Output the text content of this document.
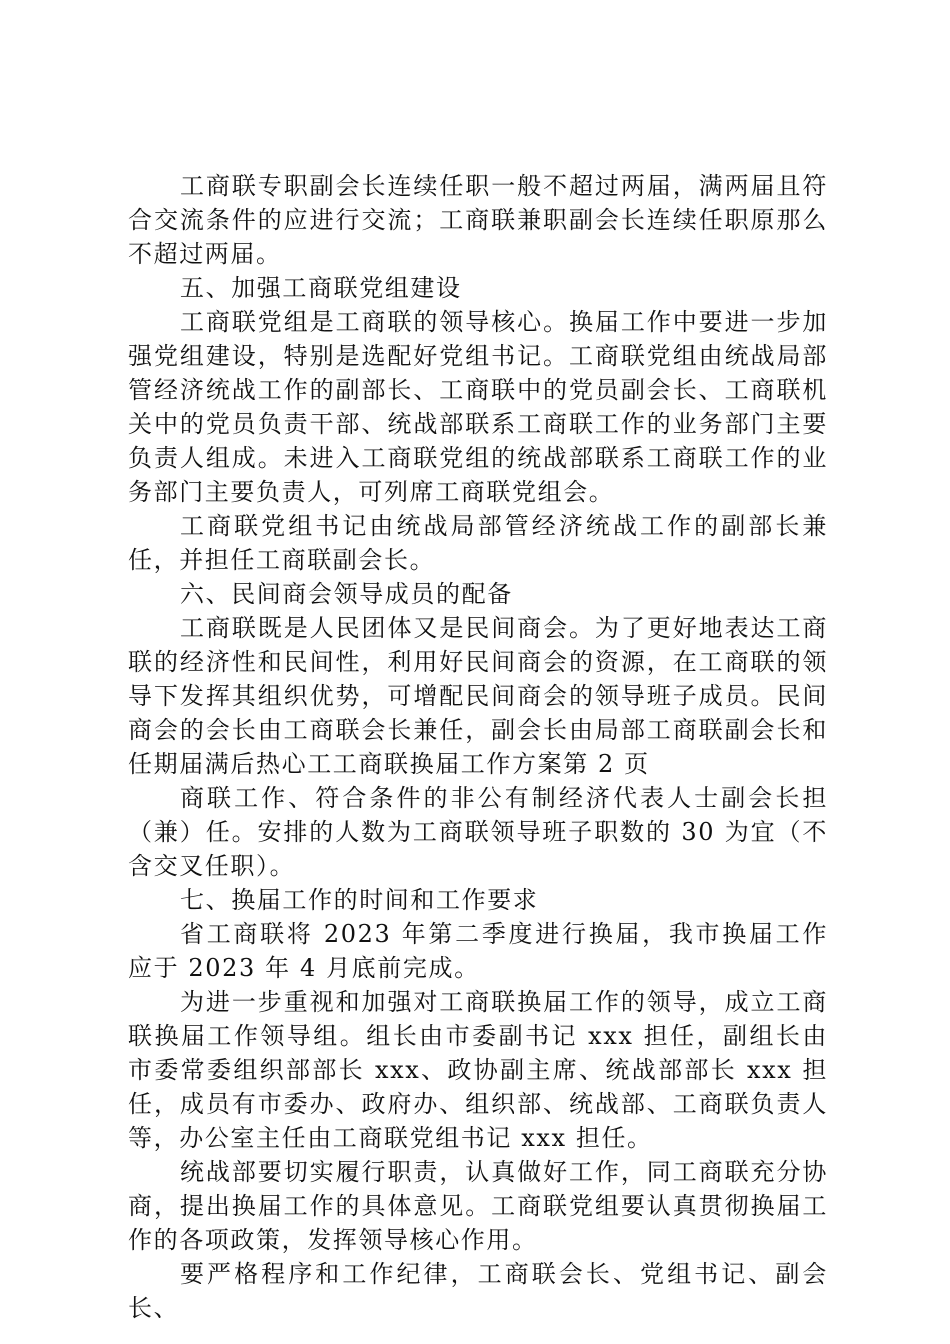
工商联专职副会长连续任职一般不超过两届，满两届且符合交流条件的应进行交流；工商联兼职副会长连续任职原那么不超过两届。

五、加强工商联党组建设

工商联党组是工商联的领导核心。换届工作中要进一步加强党组建设，特别是选配好党组书记。工商联党组由统战局部管经济统战工作的副部长、工商联中的党员副会长、工商联机关中的党员负责干部、统战部联系工商联工作的业务部门主要负责人组成。未进入工商联党组的统战部联系工商联工作的业务部门主要负责人，可列席工商联党组会。

工商联党组书记由统战局部管经济统战工作的副部长兼任，并担任工商联副会长。

六、民间商会领导成员的配备

工商联既是人民团体又是民间商会。为了更好地表达工商联的经济性和民间性，利用好民间商会的资源，在工商联的领导下发挥其组织优势，可增配民间商会的领导班子成员。民间商会的会长由工商联会长兼任，副会长由局部工商联副会长和任期届满后热心工工商联换届工作方案第 2 页

商联工作、符合条件的非公有制经济代表人士副会长担（兼）任。安排的人数为工商联领导班子职数的 30 为宜（不含交叉任职）。

七、换届工作的时间和工作要求

省工商联将 2023 年第二季度进行换届，我市换届工作应于 2023 年 4 月底前完成。

为进一步重视和加强对工商联换届工作的领导，成立工商联换届工作领导组。组长由市委副书记 xxx 担任，副组长由市委常委组织部部长 xxx、政协副主席、统战部部长 xxx 担任，成员有市委办、政府办、组织部、统战部、工商联负责人等，办公室主任由工商联党组书记 xxx 担任。

统战部要切实履行职责，认真做好工作，同工商联充分协商，提出换届工作的具体意见。工商联党组要认真贯彻换届工作的各项政策，发挥领导核心作用。

要严格程序和工作纪律，工商联会长、党组书记、副会长、
